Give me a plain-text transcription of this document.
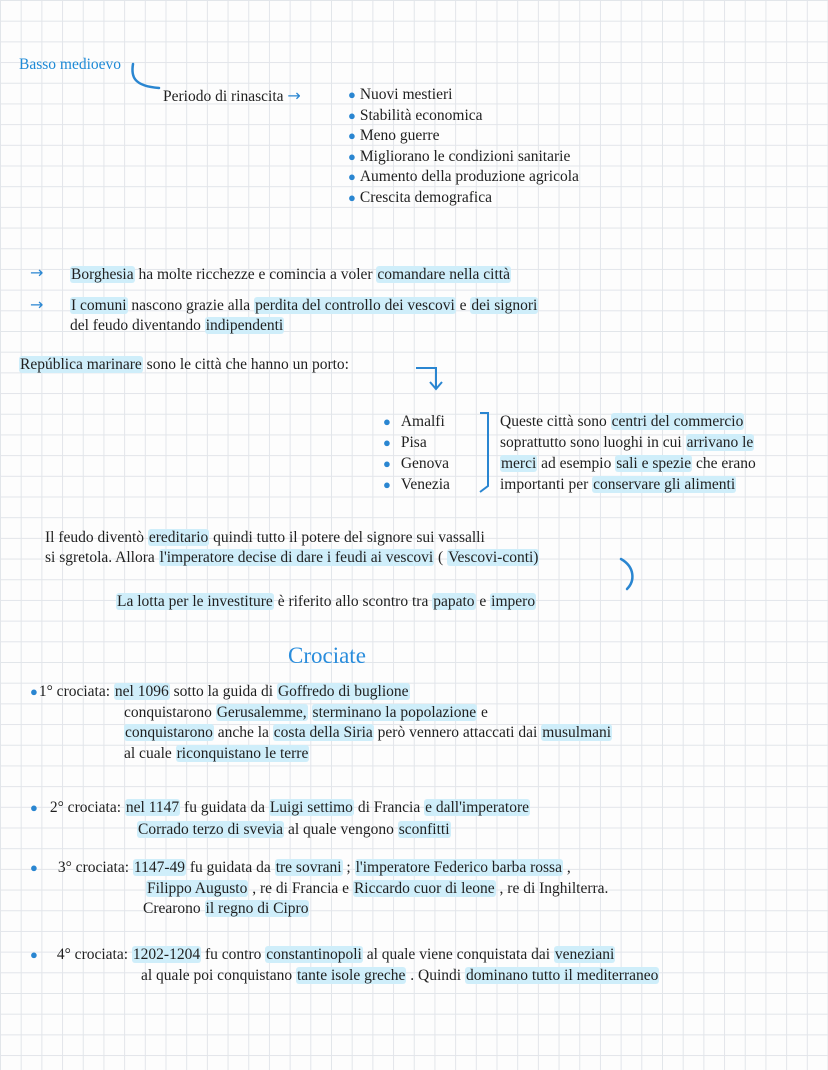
Basso medioevo
Periodo di rinascita →	● Nuovi mestieri
● Stabilità economica
● Meno guerre
● Migliorano le condizioni sanitarie
● Aumento della produzione agricola
● Crescita demografica
→ Borghesia ha molte ricchezze e comincia a voler comandare nella città
→ I comuni nascono grazie alla perdita del controllo dei vescovi e dei signori
del feudo diventando indipendenti
República marinare sono le città che hanno un porto:
● Amalfi
● Pisa
● Genova
● Venezia
Queste città sono centri del commercio
soprattutto sono luoghi in cui arrivano le
merci ad esempio sali e spezie che erano
importanti per conservare gli alimenti
Il feudo diventò ereditario quindi tutto il potere del signore sui vassalli
si sgretola. Allora l'imperatore decise di dare i feudi ai vescovi ( Vescovi-conti)
La lotta per le investiture è riferito allo scontro tra papato e impero
Crociate
●1° crociata: nel 1096 sotto la guida di Goffredo di buglione
conquistarono Gerusalemme, sterminano la popolazione e
conquistarono anche la costa della Siria però vennero attaccati dai musulmani
al cuale riconquistano le terre
● 2° crociata: nel 1147 fu guidata da Luigi settimo di Francia e dall'imperatore
Corrado terzo di svevia al quale vengono sconfitti
● 3° crociata: 1147-49 fu guidata da tre sovrani ; l'imperatore Federico barba rossa ,
Filippo Augusto , re di Francia e Riccardo cuor di leone , re di Inghilterra.
Crearono il regno di Cipro
● 4° crociata: 1202-1204 fu contro constantinopoli al quale viene conquistata dai veneziani
al quale poi conquistano tante isole greche . Quindi dominano tutto il mediterraneo
